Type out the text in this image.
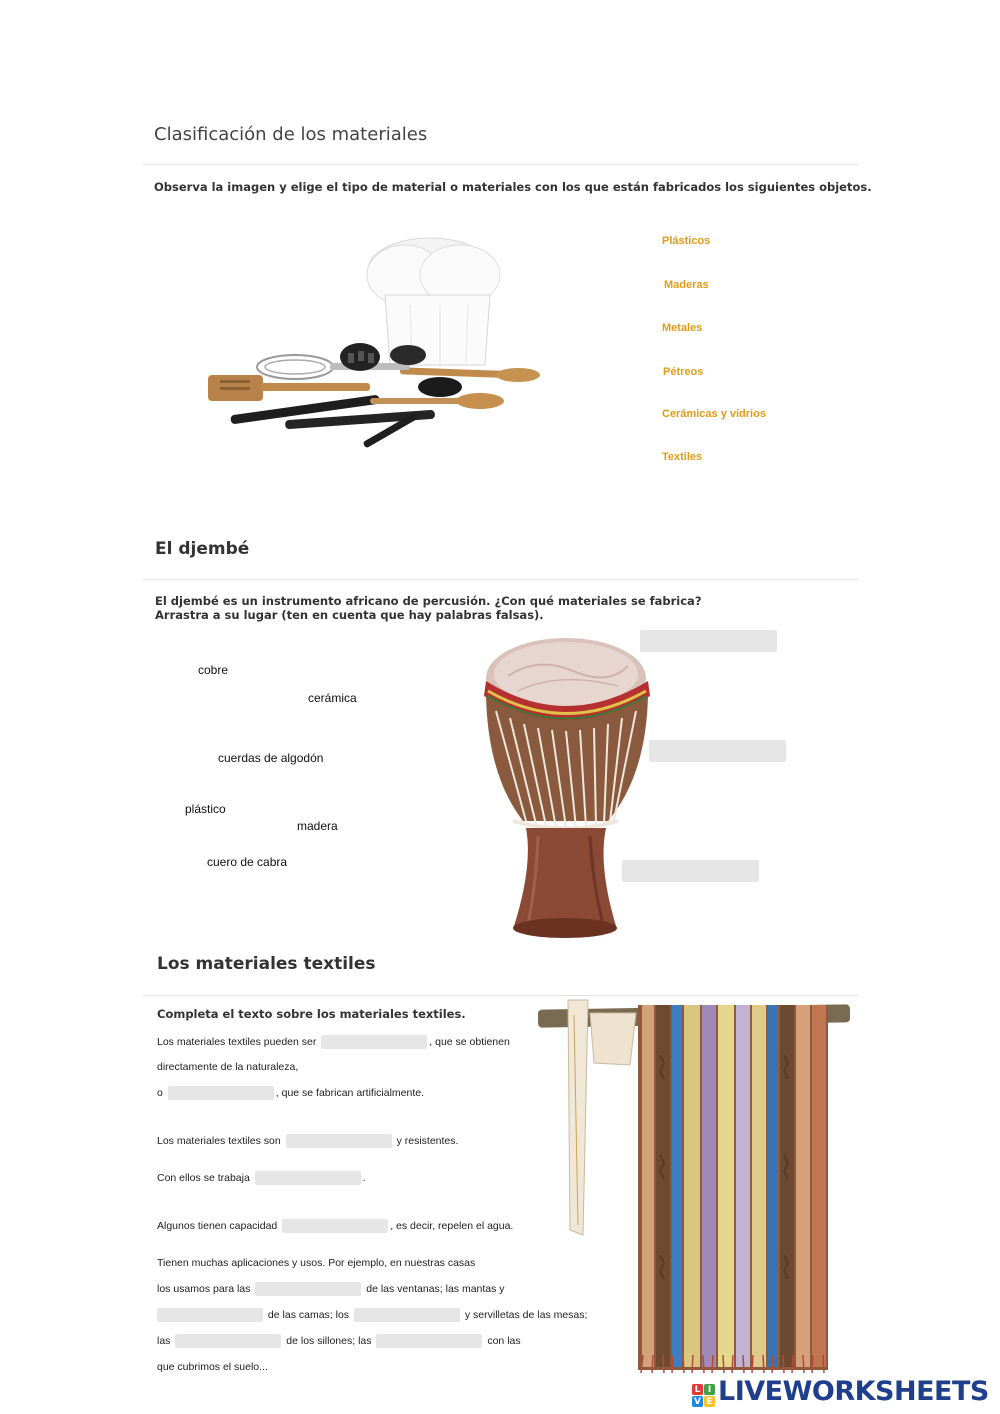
Clasificación de los materiales
Observa la imagen y elige el tipo de material o materiales con los que están fabricados los siguientes objetos.
Plásticos
Maderas
Metales
Pétreos
Cerámicas y vidrios
Textiles
El djembé
El djembé es un instrumento africano de percusión. ¿Con qué materiales se fabrica?
Arrastra a su lugar (ten en cuenta que hay palabras falsas).
cobre
cerámica
cuerdas de algodón
plástico
madera
cuero de cabra
Los materiales textiles
Completa el texto sobre los materiales textiles.
Los materiales textiles pueden ser	, que se obtienen
directamente de la naturaleza,
o	, que se fabrican artificialmente.
Los materiales textiles son	y resistentes.
Con ellos se trabaja	.
Algunos tienen capacidad	, es decir, repelen el agua.
Tienen muchas aplicaciones y usos. Por ejemplo, en nuestras casas
los usamos para las	de las ventanas; las mantas y
de las camas; los	y servilletas de las mesas;
las	de los sillones; las	con las
que cubrimos el suelo...
L I
V E LIVEWORKSHEETS
